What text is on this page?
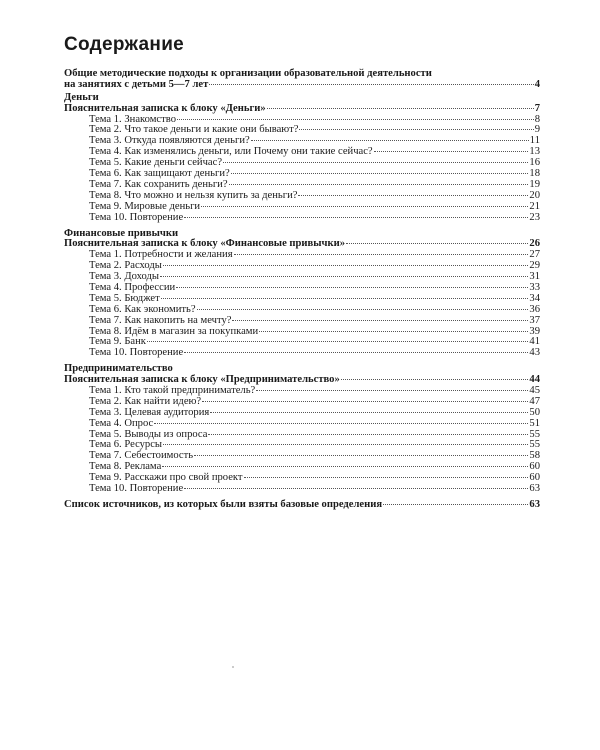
Содержание
Общие методические подходы к организации образовательной деятельности
на занятиях с детьми 5—7 лет	4
Деньги
Пояснительная записка к блоку «Деньги»	7
Тема 1. Знакомство	8
Тема 2. Что такое деньги и какие они бывают?	9
Тема 3. Откуда появляются деньги?	11
Тема 4. Как изменялись деньги, или Почему они такие сейчас?	13
Тема 5. Какие деньги сейчас?	16
Тема 6. Как защищают деньги?	18
Тема 7. Как сохранить деньги?	19
Тема 8. Что можно и нельзя купить за деньги?	20
Тема 9. Мировые деньги	21
Тема 10. Повторение	23
Финансовые привычки
Пояснительная записка к блоку «Финансовые привычки»	26
Тема 1. Потребности и желания	27
Тема 2. Расходы	29
Тема 3. Доходы	31
Тема 4. Профессии	33
Тема 5. Бюджет	34
Тема 6. Как экономить?	36
Тема 7. Как накопить на мечту?	37
Тема 8. Идём в магазин за покупками	39
Тема 9. Банк	41
Тема 10. Повторение	43
Предпринимательство
Пояснительная записка к блоку «Предпринимательство»	44
Тема 1. Кто такой предприниматель?	45
Тема 2. Как найти идею?	47
Тема 3. Целевая аудитория	50
Тема 4. Опрос	51
Тема 5. Выводы из опроса	55
Тема 6. Ресурсы	55
Тема 7. Себестоимость	58
Тема 8. Реклама	60
Тема 9. Расскажи про свой проект	60
Тема 10. Повторение	63
Список источников, из которых были взяты базовые определения	63
